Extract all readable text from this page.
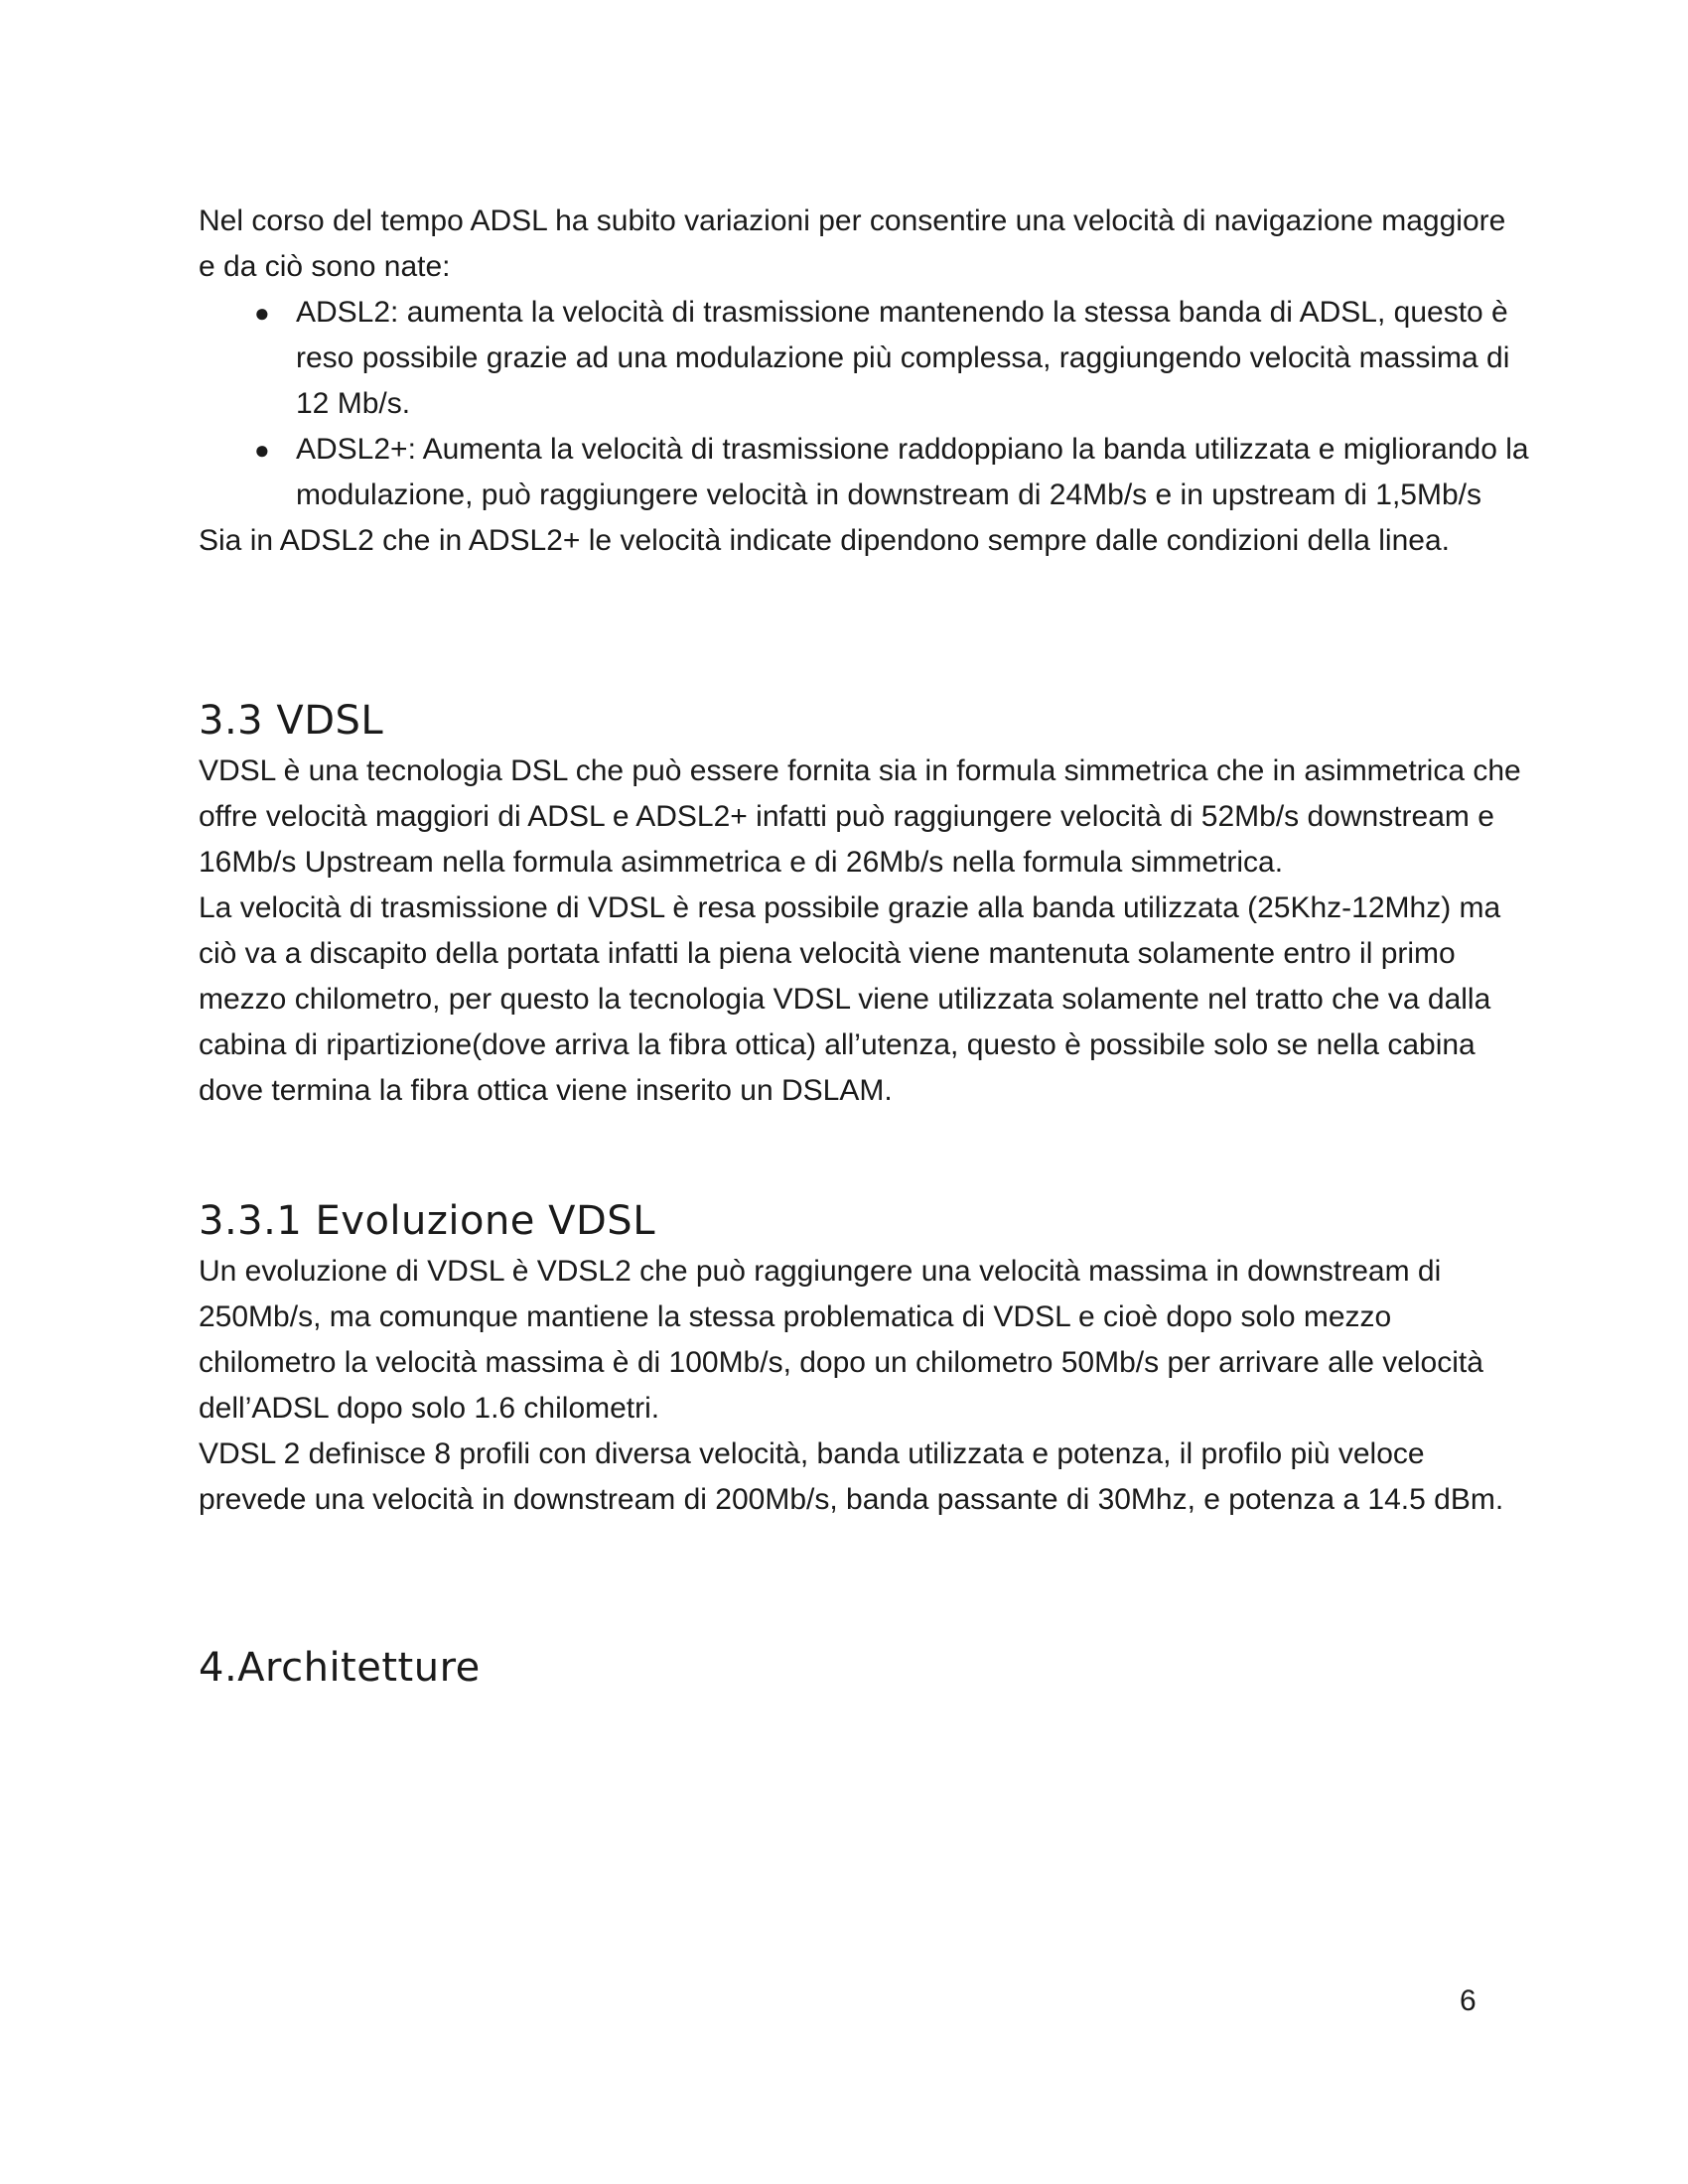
Nel corso del tempo ADSL ha subito variazioni per consentire una velocità di navigazione maggiore e da ciò sono nate:

● ADSL2: aumenta la velocità di trasmissione mantenendo la stessa banda di ADSL, questo è reso possibile grazie ad una modulazione più complessa, raggiungendo velocità massima di 12 Mb/s.
● ADSL2+: Aumenta la velocità di trasmissione raddoppiano la banda utilizzata e migliorando la modulazione, può raggiungere velocità in downstream di 24Mb/s e in upstream di 1,5Mb/s

Sia in ADSL2 che in ADSL2+ le velocità indicate dipendono sempre dalle condizioni della linea.

3.3 VDSL

VDSL è una tecnologia DSL che può essere fornita sia in formula simmetrica che in asimmetrica che offre velocità maggiori di ADSL e ADSL2+ infatti può raggiungere velocità di 52Mb/s downstream e 16Mb/s Upstream nella formula asimmetrica e di 26Mb/s nella formula simmetrica.

La velocità di trasmissione di VDSL è resa possibile grazie alla banda utilizzata (25Khz-12Mhz) ma ciò va a discapito della portata infatti la piena velocità viene mantenuta solamente entro il primo mezzo chilometro, per questo la tecnologia VDSL viene utilizzata solamente nel tratto che va dalla cabina di ripartizione(dove arriva la fibra ottica) all’utenza, questo è possibile solo se nella cabina dove termina la fibra ottica viene inserito un DSLAM.

3.3.1 Evoluzione VDSL

Un evoluzione di VDSL è VDSL2 che può raggiungere una velocità massima in downstream di 250Mb/s, ma comunque mantiene la stessa problematica di VDSL e cioè dopo solo mezzo chilometro la velocità massima è di 100Mb/s, dopo un chilometro 50Mb/s per arrivare alle velocità dell’ADSL dopo solo 1.6 chilometri.

VDSL 2 definisce 8 profili con diversa velocità, banda utilizzata e potenza, il profilo più veloce prevede una velocità in downstream di 200Mb/s, banda passante di 30Mhz, e potenza a 14.5 dBm.

4.Architetture
6
